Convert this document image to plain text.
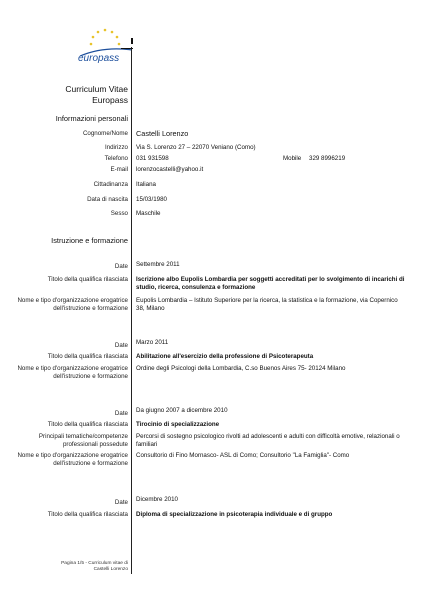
europass
Curriculum Vitae
Europass
Informazioni personali
Cognome/Nome Castelli Lorenzo
Indirizzo Via S. Lorenzo 27 – 22070 Veniano (Como)
Telefono 031 931598	Mobile 329 8996219
E-mail lorenzocastelli@yahoo.it
Cittadinanza Italiana
Data di nascita 15/03/1980
Sesso Maschile
Istruzione e formazione
Date Settembre 2011
Titolo della qualifica rilasciata Iscrizione albo Eupolis Lombardia per soggetti accreditati per lo svolgimento di incarichi di studio, ricerca, consulenza e formazione
Nome e tipo d'organizzazione erogatrice dell'istruzione e formazione
Eupolis Lombardia – Istituto Superiore per la ricerca, la statistica e la formazione, via Copernico 38, Milano
Date Marzo 2011
Titolo della qualifica rilasciata Abilitazione all'esercizio della professione di Psicoterapeuta
Nome e tipo d'organizzazione erogatrice dell'istruzione e formazione
Ordine degli Psicologi della Lombardia, C.so Buenos Aires 75- 20124 Milano
Date Da giugno 2007 a dicembre 2010
Titolo della qualifica rilasciata Tirocinio di specializzazione
Principali tematiche/competenze professionali possedute
Percorsi di sostegno psicologico rivolti ad adolescenti e adulti con difficoltà emotive, relazionali o familiari
Nome e tipo d'organizzazione erogatrice dell'istruzione e formazione
Consultorio di Fino Mornasco- ASL di Como; Consultorio "La Famiglia"- Como
Date Dicembre 2010
Titolo della qualifica rilasciata Diploma di specializzazione in psicoterapia individuale e di gruppo
Pagina 1/5 - Curriculum vitae di
Castelli Lorenzo
